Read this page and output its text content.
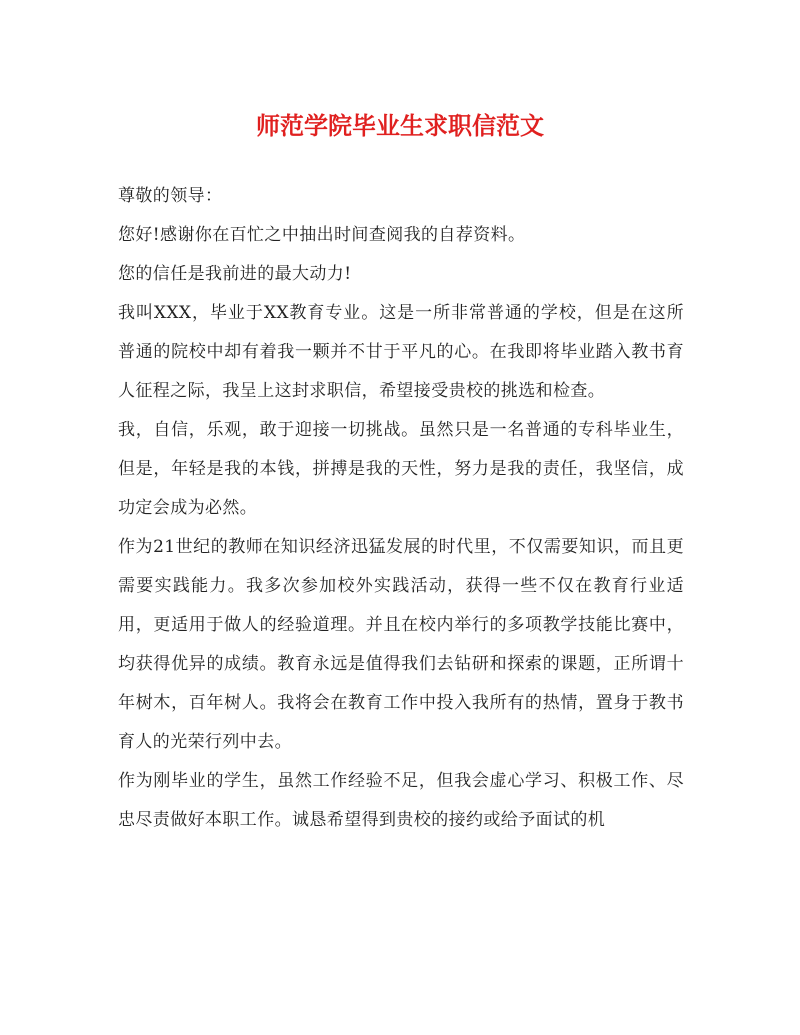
师范学院毕业生求职信范文

尊敬的领导：

您好!感谢你在百忙之中抽出时间查阅我的自荐资料。

您的信任是我前进的最大动力!

我叫XXX，毕业于XX教育专业。这是一所非常普通的学校，但是在这所普通的院校中却有着我一颗并不甘于平凡的心。在我即将毕业踏入教书育人征程之际，我呈上这封求职信，希望接受贵校的挑选和检查。

我，自信，乐观，敢于迎接一切挑战。虽然只是一名普通的专科毕业生，但是，年轻是我的本钱，拼搏是我的天性，努力是我的责任，我坚信，成功定会成为必然。

作为21世纪的教师在知识经济迅猛发展的时代里，不仅需要知识，而且更需要实践能力。我多次参加校外实践活动，获得一些不仅在教育行业适用，更适用于做人的经验道理。并且在校内举行的多项教学技能比赛中，均获得优异的成绩。教育永远是值得我们去钻研和探索的课题，正所谓十年树木，百年树人。我将会在教育工作中投入我所有的热情，置身于教书育人的光荣行列中去。

作为刚毕业的学生，虽然工作经验不足，但我会虚心学习、积极工作、尽忠尽责做好本职工作。诚恳希望得到贵校的接约或给予面试的机
